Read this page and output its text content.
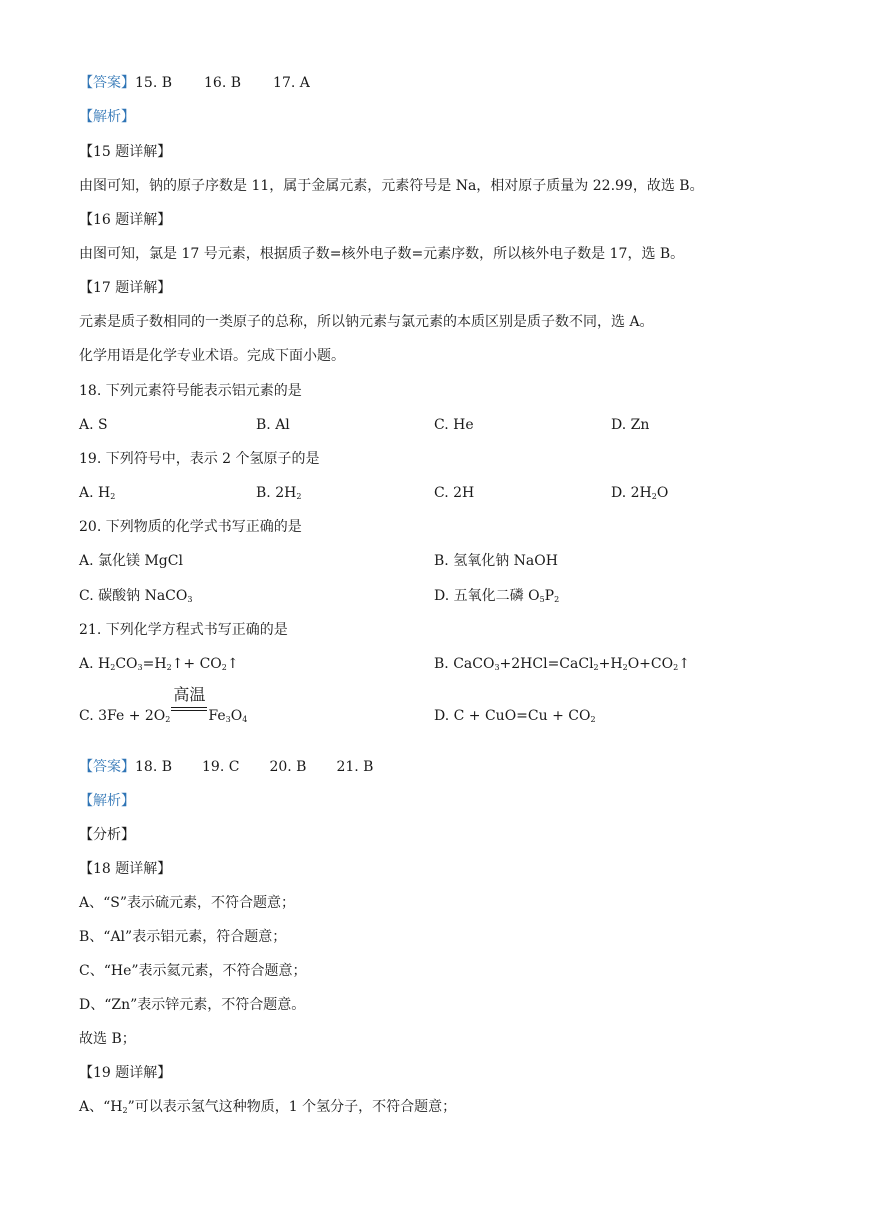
【答案】15. B 16. B 17. A
【解析】
【15 题详解】
由图可知，钠的原子序数是 11，属于金属元素，元素符号是 Na，相对原子质量为 22.99，故选 B。
【16 题详解】
由图可知，氯是 17 号元素，根据质子数=核外电子数=元素序数，所以核外电子数是 17，选 B。
【17 题详解】
元素是质子数相同的一类原子的总称，所以钠元素与氯元素的本质区别是质子数不同，选 A。
化学用语是化学专业术语。完成下面小题。
18. 下列元素符号能表示铝元素的是
A. S	B. Al	C. He	D. Zn
19. 下列符号中，表示 2 个氢原子的是
A. $H_2$	B. $2H_2$	C. 2H	D. $2H_2O$
20. 下列物质的化学式书写正确的是
A. 氯化镁 MgCl	B. 氢氧化钠 NaOH
C. 碳酸钠 NaCO$_3$	D. 五氧化二磷 $O_5P_2$
21. 下列化学方程式书写正确的是
A. $H_2CO_3=H_2↑+$ $CO_2↑$	B. $CaCO_3+2HCl=CaCl_2+H_2O+CO_2↑$
C. $3Fe + 2O_2$
高温
$Fe_3O_4$	D. $C + CuO=Cu + CO_2$
【答案】18. B 19. C 20. B 21. B
【解析】
【分析】
【18 题详解】
A、“S”表示硫元素，不符合题意；
B、“Al”表示铝元素，符合题意；
C、“He”表示氦元素，不符合题意；
D、“Zn”表示锌元素，不符合题意。
故选 B；
【19 题详解】
A、“$H_2$”可以表示氢气这种物质，1 个氢分子，不符合题意；
